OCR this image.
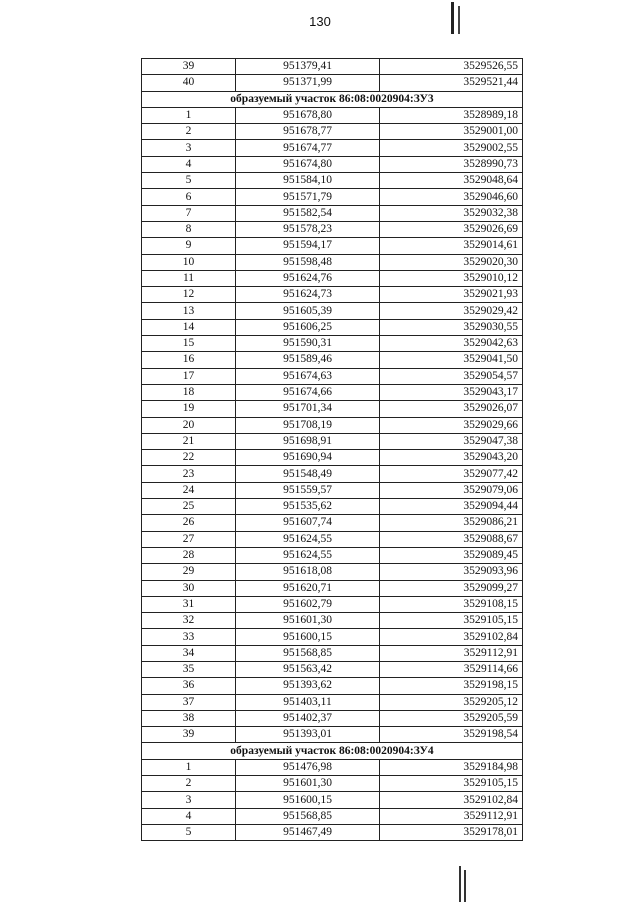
130
39	951379,41	3529526,55
40	951371,99	3529521,44
образуемый участок 86:08:0020904:ЗУ3		
1	951678,80	3528989,18
2	951678,77	3529001,00
3	951674,77	3529002,55
4	951674,80	3528990,73
5	951584,10	3529048,64
6	951571,79	3529046,60
7	951582,54	3529032,38
8	951578,23	3529026,69
9	951594,17	3529014,61
10	951598,48	3529020,30
11	951624,76	3529010,12
12	951624,73	3529021,93
13	951605,39	3529029,42
14	951606,25	3529030,55
15	951590,31	3529042,63
16	951589,46	3529041,50
17	951674,63	3529054,57
18	951674,66	3529043,17
19	951701,34	3529026,07
20	951708,19	3529029,66
21	951698,91	3529047,38
22	951690,94	3529043,20
23	951548,49	3529077,42
24	951559,57	3529079,06
25	951535,62	3529094,44
26	951607,74	3529086,21
27	951624,55	3529088,67
28	951624,55	3529089,45
29	951618,08	3529093,96
30	951620,71	3529099,27
31	951602,79	3529108,15
32	951601,30	3529105,15
33	951600,15	3529102,84
34	951568,85	3529112,91
35	951563,42	3529114,66
36	951393,62	3529198,15
37	951403,11	3529205,12
38	951402,37	3529205,59
39	951393,01	3529198,54
образуемый участок 86:08:0020904:ЗУ4		
1	951476,98	3529184,98
2	951601,30	3529105,15
3	951600,15	3529102,84
4	951568,85	3529112,91
5	951467,49	3529178,01
